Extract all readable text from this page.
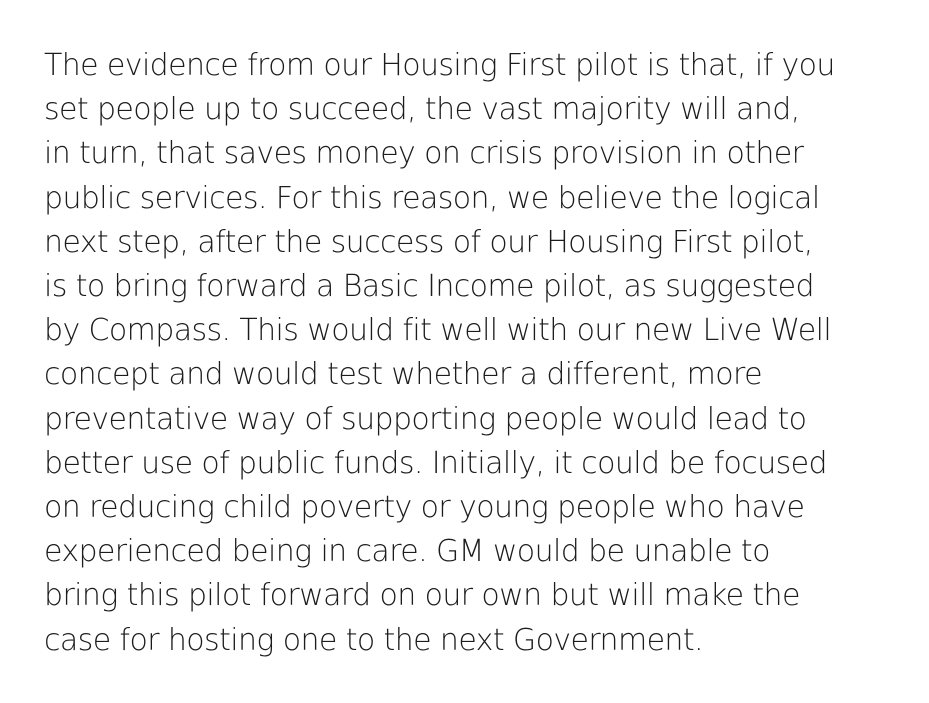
The evidence from our Housing First pilot is that, if you
set people up to succeed, the vast majority will and,
in turn, that saves money on crisis provision in other
public services. For this reason, we believe the logical
next step, after the success of our Housing First pilot,
is to bring forward a Basic Income pilot, as suggested
by Compass. This would fit well with our new Live Well
concept and would test whether a different, more
preventative way of supporting people would lead to
better use of public funds. Initially, it could be focused
on reducing child poverty or young people who have
experienced being in care. GM would be unable to
bring this pilot forward on our own but will make the
case for hosting one to the next Government.
